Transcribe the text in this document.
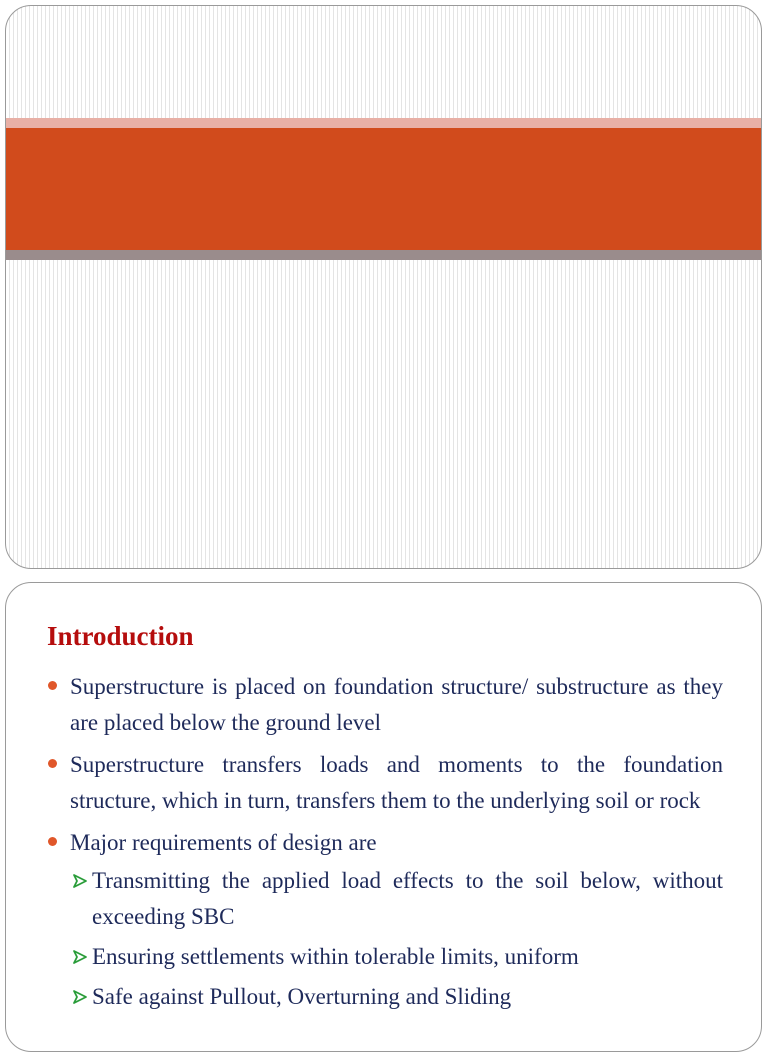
Introduction
Superstructure is placed on foundation structure/ substructure as they are placed below the ground level
Superstructure transfers loads and moments to the foundation structure, which in turn, transfers them to the underlying soil or rock
Major requirements of design are
Transmitting the applied load effects to the soil below, without exceeding SBC
Ensuring settlements within tolerable limits, uniform
Safe against Pullout, Overturning and Sliding
